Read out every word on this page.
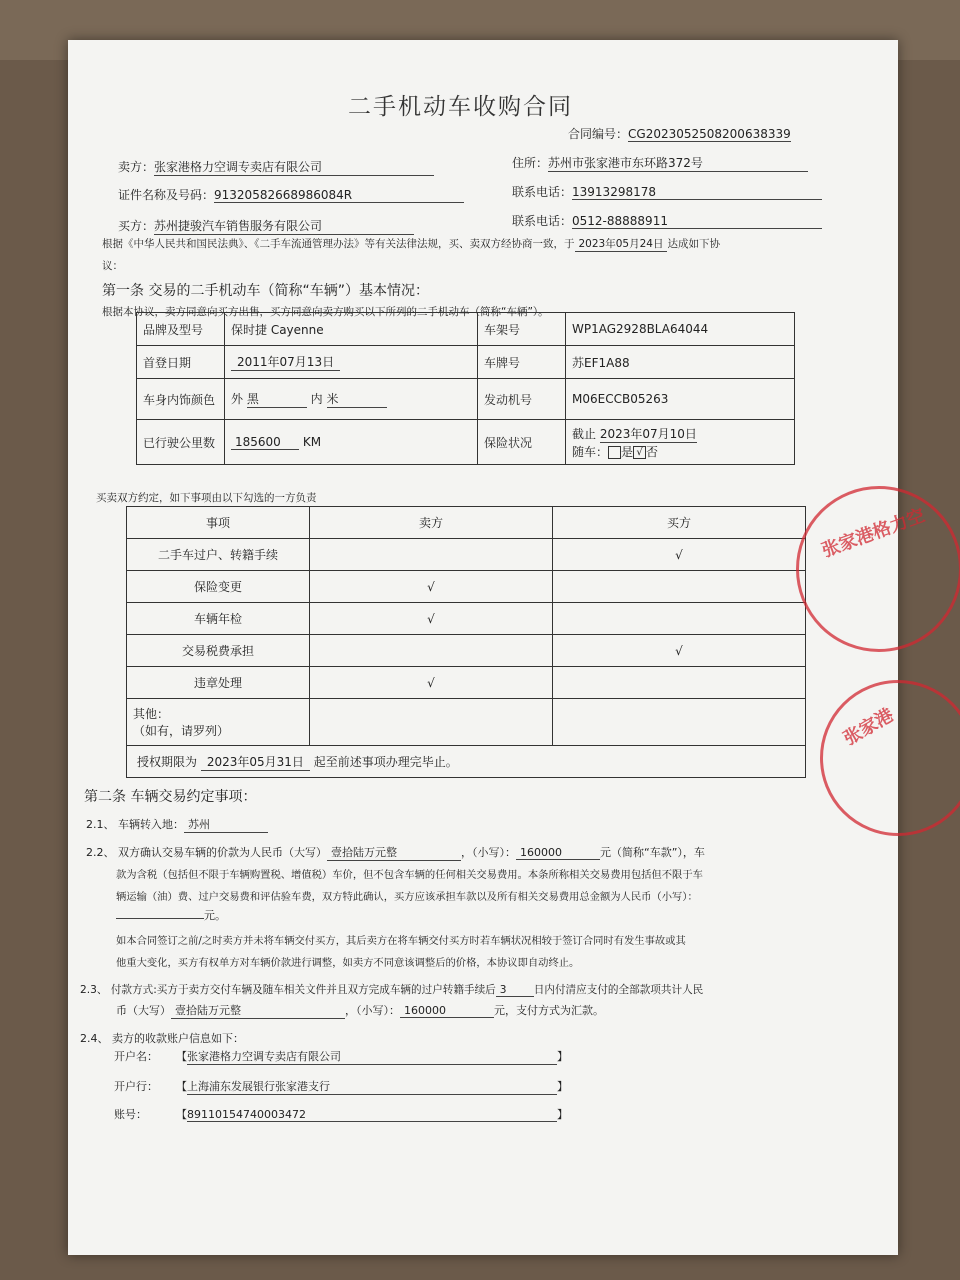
二手机动车收购合同
合同编号：CG2023052508200638339
卖方：张家港格力空调专卖店有限公司	住所：苏州市张家港市东环路372号
证件名称及号码：91320582668986084R	联系电话：13913298178
买方：苏州捷骏汽车销售服务有限公司	联系电话：0512-88888911
根据《中华人民共和国民法典》、《二手车流通管理办法》等有关法律法规，买、卖双方经协商一致，于 2023年05月24日 达成如下协
议：
第一条 交易的二手机动车（简称“车辆”）基本情况：
根据本协议，卖方同意向买方出售，买方同意向卖方购买以下所列的二手机动车（简称“车辆”）。
品牌及型号	保时捷 Cayenne	车架号	WP1AG2928BLA64044
首登日期	2011年07月13日	车牌号	苏EF1A88
车身内饰颜色	外 黑 内 米	发动机号	M06ECCB05263
已行驶公里数	185600 KM	保险状况	截止 2023年07月10日
随车： 是 √ 否
买卖双方约定，如下事项由以下勾选的一方负责
事项	卖方	买方
二手车过户、转籍手续		√
保险变更	√	
车辆年检	√	
交易税费承担		√
违章处理	√	

其他：
（如有，请罗列）		

授权期限为 2023年05月31日 起至前述事项办理完毕止。		
第二条 车辆交易约定事项：
2.1、 车辆转入地： 苏州
2.2、 双方确认交易车辆的价款为人民币（大写） 壹拾陆万元整	，（小写）： 160000	元（简称“车款”），车
款为含税（包括但不限于车辆购置税、增值税）车价，但不包含车辆的任何相关交易费用。本条所称相关交易费用包括但不限于车
辆运输（油）费、过户交易费和评估验车费，双方特此确认，买方应该承担车款以及所有相关交易费用总金额为人民币（小写）：
元。
如本合同签订之前/之时卖方并未将车辆交付买方，其后卖方在将车辆交付买方时若车辆状况相较于签订合同时有发生事故或其
他重大变化，买方有权单方对车辆价款进行调整，如卖方不同意该调整后的价格，本协议即自动终止。
2.3、 付款方式:买方于卖方交付车辆及随车相关文件并且双方完成车辆的过户转籍手续后 3	日内付清应支付的全部款项共计人民
币（大写） 壹拾陆万元整	，（小写）： 160000	元，支付方式为汇款。
2.4、 卖方的收款账户信息如下：
开户名： 【张家港格力空调专卖店有限公司	】
开户行： 【上海浦东发展银行张家港支行	】
账号：	【89110154740003472	】
张家港格力空
张家港
